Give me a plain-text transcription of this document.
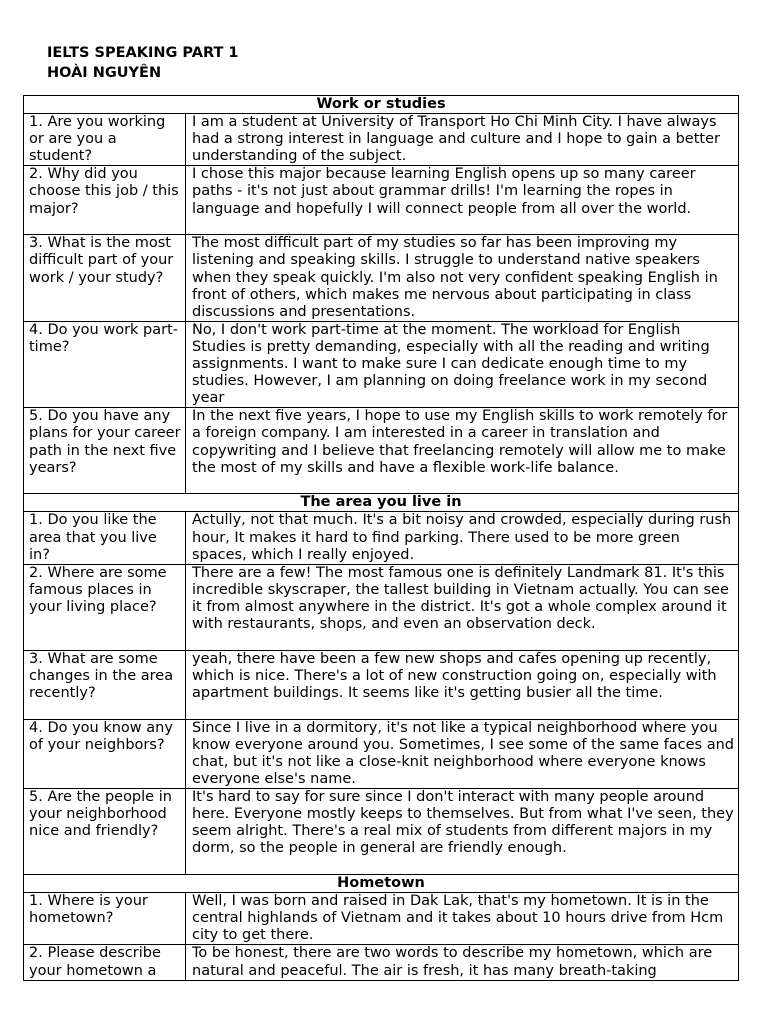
IELTS SPEAKING PART 1
HOÀI NGUYÊN
Work or studies	
1. Are you working or are you a student?	I am a student at University of Transport Ho Chi Minh City. I have always had a strong interest in language and culture and I hope to gain a better understanding of the subject.
2. Why did you choose this job / this major?	I chose this major because learning English opens up so many career paths - it's not just about grammar drills! I'm learning the ropes in language and hopefully I will connect people from all over the world.
3. What is the most difficult part of your work / your study?	The most difficult part of my studies so far has been improving my listening and speaking skills. I struggle to understand native speakers when they speak quickly. I'm also not very confident speaking English in front of others, which makes me nervous about participating in class discussions and presentations.
4. Do you work part-time?	No, I don't work part-time at the moment. The workload for English Studies is pretty demanding, especially with all the reading and writing assignments. I want to make sure I can dedicate enough time to my studies. However, I am planning on doing freelance work in my second year
5. Do you have any plans for your career path in the next five years?	In the next five years, I hope to use my English skills to work remotely for a foreign company. I am interested in a career in translation and copywriting and I believe that freelancing remotely will allow me to make the most of my skills and have a flexible work-life balance.
The area you live in	
1. Do you like the area that you live in?	Actully, not that much. It's a bit noisy and crowded, especially during rush hour, It makes it hard to find parking. There used to be more green spaces, which I really enjoyed.
2. Where are some famous places in your living place?	There are a few! The most famous one is definitely Landmark 81. It's this incredible skyscraper, the tallest building in Vietnam actually. You can see it from almost anywhere in the district. It's got a whole complex around it with restaurants, shops, and even an observation deck.
3. What are some changes in the area recently?	yeah, there have been a few new shops and cafes opening up recently, which is nice. There's a lot of new construction going on, especially with apartment buildings. It seems like it's getting busier all the time.
4. Do you know any of your neighbors?	Since I live in a dormitory, it's not like a typical neighborhood where you know everyone around you. Sometimes, I see some of the same faces and chat, but it's not like a close-knit neighborhood where everyone knows everyone else's name.
5. Are the people in your neighborhood nice and friendly?	It's hard to say for sure since I don't interact with many people around here. Everyone mostly keeps to themselves. But from what I've seen, they seem alright. There's a real mix of students from different majors in my dorm, so the people in general are friendly enough.
Hometown	
1. Where is your hometown?	Well, I was born and raised in Dak Lak, that's my hometown. It is in the central highlands of Vietnam and it takes about 10 hours drive from Hcm city to get there.
2. Please describe your hometown a	To be honest, there are two words to describe my hometown, which are natural and peaceful. The air is fresh, it has many breath-taking
